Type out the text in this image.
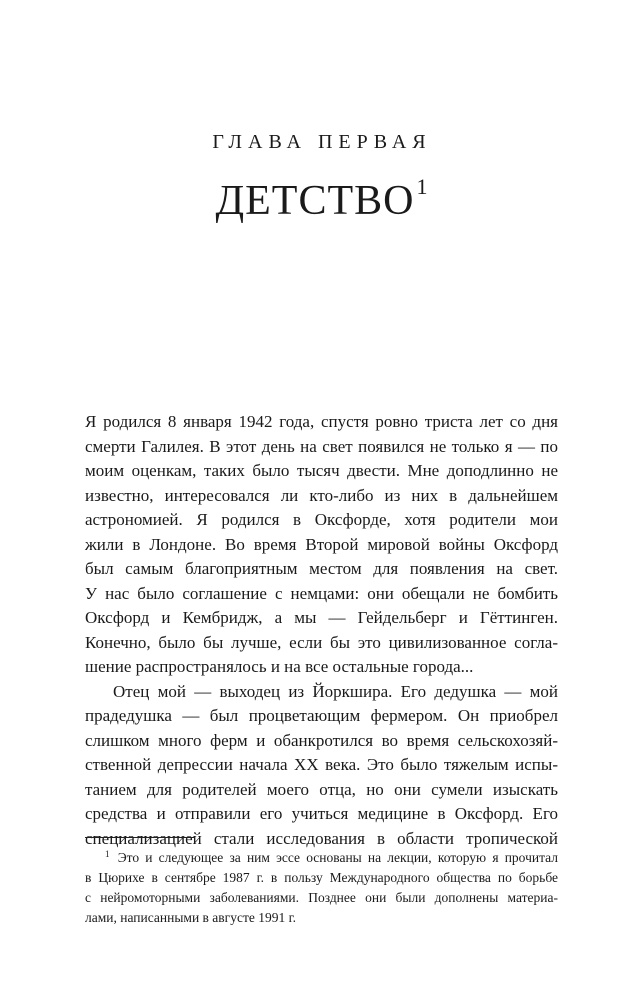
ГЛАВА ПЕРВАЯ
ДЕТСТВО$^1$

Я родился 8 января 1942 года, спустя ровно триста лет со дня
смерти Галилея. В этот день на свет появился не только я — по
моим оценкам, таких было тысяч двести. Мне доподлинно не
известно, интересовался ли кто-либо из них в дальнейшем
астрономией. Я родился в Оксфорде, хотя родители мои
жили в Лондоне. Во время Второй мировой войны Оксфорд
был самым благоприятным местом для появления на свет.
У нас было соглашение с немцами: они обещали не бомбить
Оксфорд и Кембридж, а мы — Гейдельберг и Гёттинген.
Конечно, было бы лучше, если бы это цивилизованное согла-
шение распространялось и на все остальные города...

Отец мой — выходец из Йоркшира. Его дедушка — мой
прадедушка — был процветающим фермером. Он приобрел
слишком много ферм и обанкротился во время сельскохозяй-
ственной депрессии начала XX века. Это было тяжелым испы-
танием для родителей моего отца, но они сумели изыскать
средства и отправили его учиться медицине в Оксфорд. Его
специализацией стали исследования в области тропической

$^1$ Это и следующее за ним эссе основаны на лекции, которую я прочитал
в Цюрихе в сентябре 1987 г. в пользу Международного общества по борьбе
с нейромоторными заболеваниями. Позднее они были дополнены материа-
лами, написанными в августе 1991 г.
